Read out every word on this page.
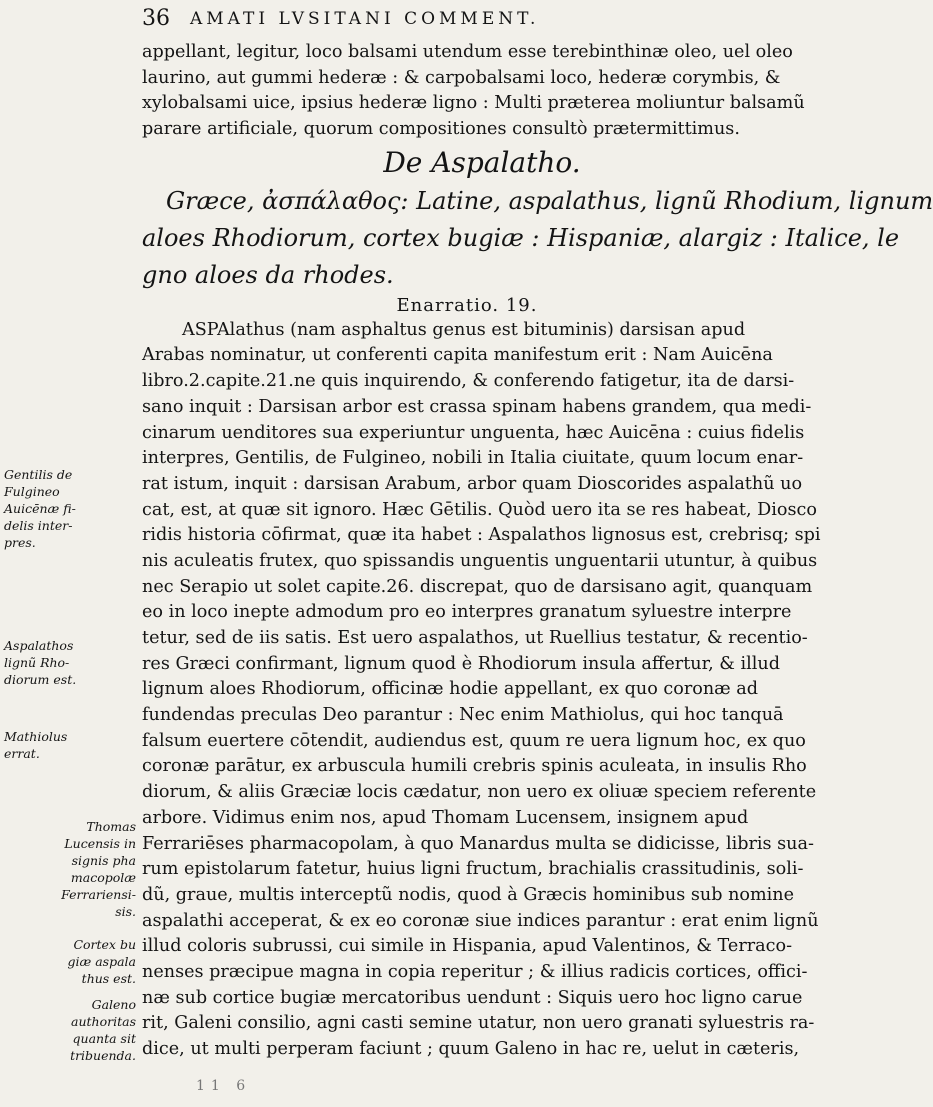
36 AMATI LVSITANI COMMENT.
Gentilis de
Fulgineo
Auicēnæ fi-
delis inter-
pres.
Aspalathos
lignũ Rho-
diorum est.
Mathiolus
errat.
Thomas
Lucensis in
signis pha
macopolæ
Ferrariensi-
sis.
Cortex bu
giæ aspala
thus est.
Galeno
authoritas
quanta sit
tribuenda.
appellant, legitur, loco balsami utendum esse terebinthinæ oleo, uel oleo
laurino, aut gummi hederæ : & carpobalsami loco, hederæ corymbis, &
xylobalsami uice, ipsius hederæ ligno : Multi præterea moliuntur balsamũ
parare artificiale, quorum compositiones consultò prætermittimus.
De Aspalatho.
Græce, ἀσπάλαθος: Latine, aspalathus, lignũ Rhodium, lignum
aloes Rhodiorum, cortex bugiæ : Hispaniæ, alargiz : Italice, le
gno aloes da rhodes.
Enarratio. 19.
ASPAlathus (nam asphaltus genus est bituminis) darsisan apud
Arabas nominatur, ut conferenti capita manifestum erit : Nam Auicēna
libro.2.capite.21.ne quis inquirendo, & conferendo fatigetur, ita de darsi-
sano inquit : Darsisan arbor est crassa spinam habens grandem, qua medi-
cinarum uenditores sua experiuntur unguenta, hæc Auicēna : cuius fidelis
interpres, Gentilis, de Fulgineo, nobili in Italia ciuitate, quum locum enar-
rat istum, inquit : darsisan Arabum, arbor quam Dioscorides aspalathũ uo
cat, est, at quæ sit ignoro. Hæc Gētilis. Quòd uero ita se res habeat, Diosco
ridis historia cōfirmat, quæ ita habet : Aspalathos lignosus est, crebrisq; spi
nis aculeatis frutex, quo spissandis unguentis unguentarii utuntur, à quibus
nec Serapio ut solet capite.26. discrepat, quo de darsisano agit, quanquam
eo in loco inepte admodum pro eo interpres granatum syluestre interpre
tetur, sed de iis satis. Est uero aspalathos, ut Ruellius testatur, & recentio-
res Græci confirmant, lignum quod è Rhodiorum insula affertur, & illud
lignum aloes Rhodiorum, officinæ hodie appellant, ex quo coronæ ad
fundendas preculas Deo parantur : Nec enim Mathiolus, qui hoc tanquā
falsum euertere cōtendit, audiendus est, quum re uera lignum hoc, ex quo
coronæ parātur, ex arbuscula humili crebris spinis aculeata, in insulis Rho
diorum, & aliis Græciæ locis cædatur, non uero ex oliuæ speciem referente
arbore. Vidimus enim nos, apud Thomam Lucensem, insignem apud
Ferrariēses pharmacopolam, à quo Manardus multa se didicisse, libris sua-
rum epistolarum fatetur, huius ligni fructum, brachialis crassitudinis, soli-
dũ, graue, multis interceptũ nodis, quod à Græcis hominibus sub nomine
aspalathi acceperat, & ex eo coronæ siue indices parantur : erat enim lignũ
illud coloris subrussi, cui simile in Hispania, apud Valentinos, & Terraco-
nenses præcipue magna in copia reperitur ; & illius radicis cortices, offici-
næ sub cortice bugiæ mercatoribus uendunt : Siquis uero hoc ligno carue
rit, Galeni consilio, agni casti semine utatur, non uero granati syluestris ra-
dice, ut multi perperam faciunt ; quum Galeno in hac re, uelut in cæteris,
11 6
